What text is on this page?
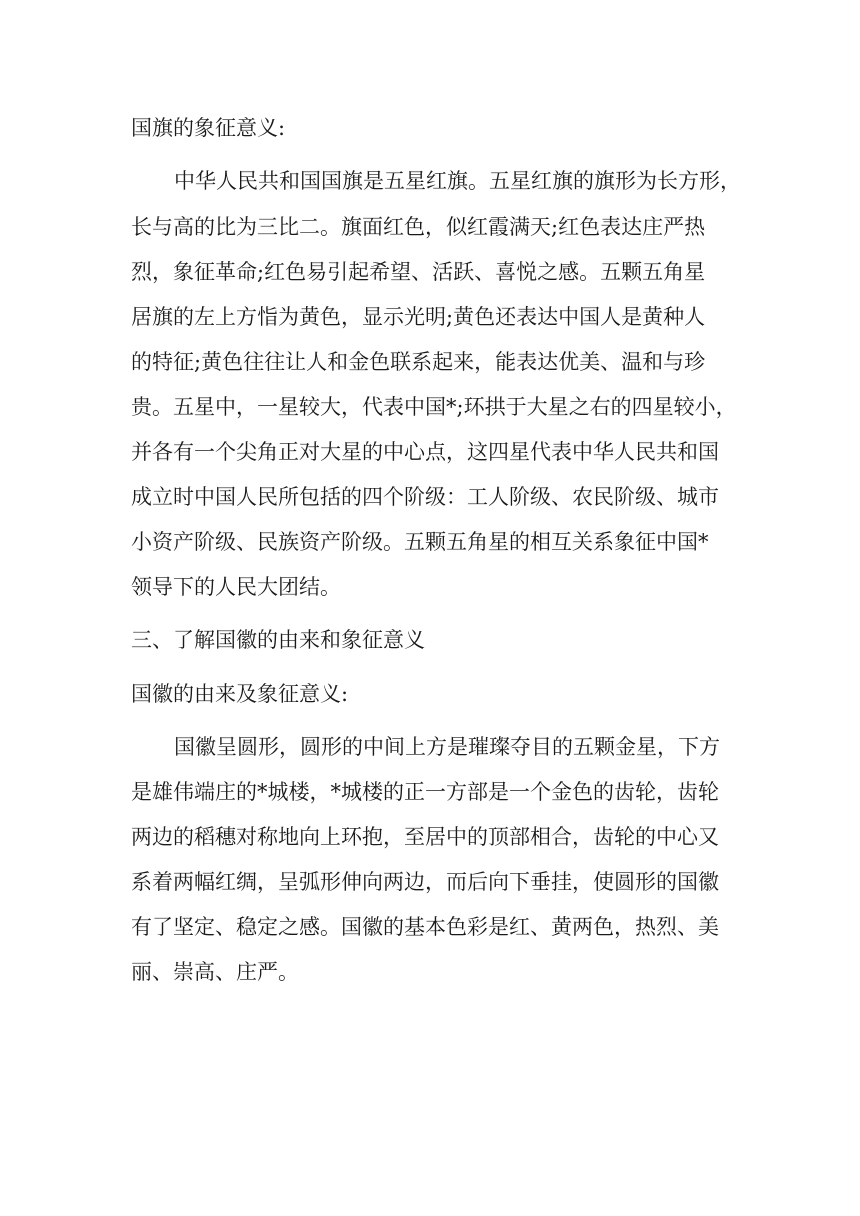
国旗的象征意义:
中华人民共和国国旗是五星红旗。五星红旗的旗形为长方形，
长与高的比为三比二。旗面红色，似红霞满天;红色表达庄严热
烈，象征革命;红色易引起希望、活跃、喜悦之感。五颗五角星
居旗的左上方恉为黄色，显示光明;黄色还表达中国人是黄种人
的特征;黄色往往让人和金色联系起来，能表达优美、温和与珍
贵。五星中，一星较大，代表中国*;环拱于大星之右的四星较小，
并各有一个尖角正对大星的中心点，这四星代表中华人民共和国
成立时中国人民所包括的四个阶级：工人阶级、农民阶级、城市
小资产阶级、民族资产阶级。五颗五角星的相互关系象征中国*
领导下的人民大团结。
三、了解国徽的由来和象征意义
国徽的由来及象征意义:
国徽呈圆形，圆形的中间上方是璀璨夺目的五颗金星，下方
是雄伟端庄的*城楼，*城楼的正一方部是一个金色的齿轮，齿轮
两边的稻穗对称地向上环抱，至居中的顶部相合，齿轮的中心又
系着两幅红绸，呈弧形伸向两边，而后向下垂挂，使圆形的国徽
有了坚定、稳定之感。国徽的基本色彩是红、黄两色，热烈、美
丽、崇高、庄严。
